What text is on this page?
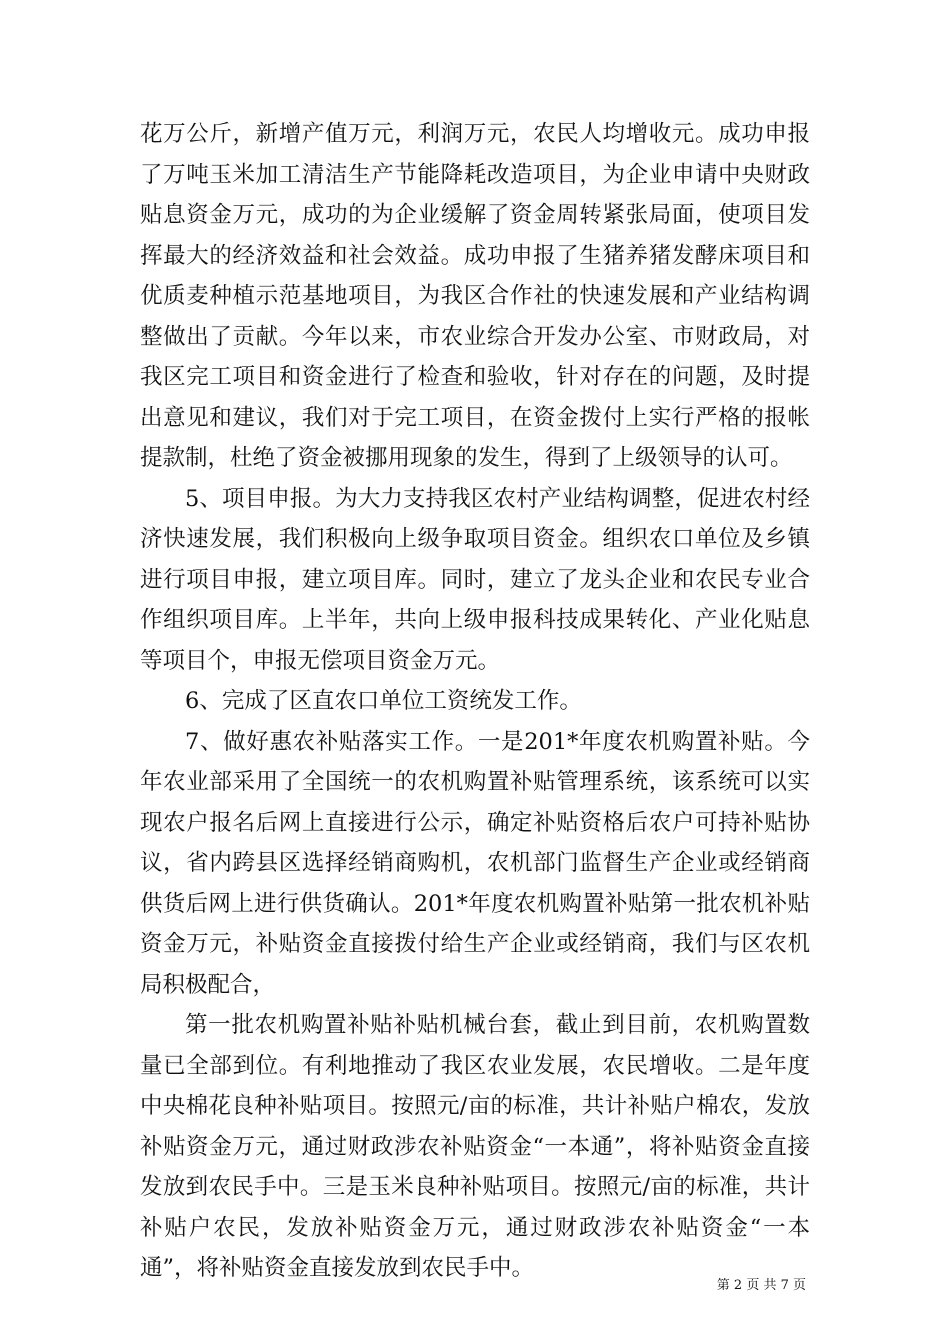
花万公斤，新增产值万元，利润万元，农民人均增收元。成功申报了万吨玉米加工清洁生产节能降耗改造项目，为企业申请中央财政贴息资金万元，成功的为企业缓解了资金周转紧张局面，使项目发挥最大的经济效益和社会效益。成功申报了生猪养猪发酵床项目和优质麦种植示范基地项目，为我区合作社的快速发展和产业结构调整做出了贡献。今年以来，市农业综合开发办公室、市财政局，对我区完工项目和资金进行了检查和验收，针对存在的问题，及时提出意见和建议，我们对于完工项目，在资金拨付上实行严格的报帐提款制，杜绝了资金被挪用现象的发生，得到了上级领导的认可。

5、项目申报。为大力支持我区农村产业结构调整，促进农村经济快速发展，我们积极向上级争取项目资金。组织农口单位及乡镇进行项目申报，建立项目库。同时，建立了龙头企业和农民专业合作组织项目库。上半年，共向上级申报科技成果转化、产业化贴息等项目个，申报无偿项目资金万元。

6、完成了区直农口单位工资统发工作。

7、做好惠农补贴落实工作。一是201*年度农机购置补贴。今年农业部采用了全国统一的农机购置补贴管理系统，该系统可以实现农户报名后网上直接进行公示，确定补贴资格后农户可持补贴协议，省内跨县区选择经销商购机，农机部门监督生产企业或经销商供货后网上进行供货确认。201*年度农机购置补贴第一批农机补贴资金万元，补贴资金直接拨付给生产企业或经销商，我们与区农机局积极配合，

第一批农机购置补贴补贴机械台套，截止到目前，农机购置数量已全部到位。有利地推动了我区农业发展，农民增收。二是年度中央棉花良种补贴项目。按照元/亩的标准，共计补贴户棉农，发放补贴资金万元，通过财政涉农补贴资金“一本通”，将补贴资金直接发放到农民手中。三是玉米良种补贴项目。按照元/亩的标准，共计补贴户农民，发放补贴资金万元，通过财政涉农补贴资金“一本通”，将补贴资金直接发放到农民手中。

第 2 页 共 7 页
